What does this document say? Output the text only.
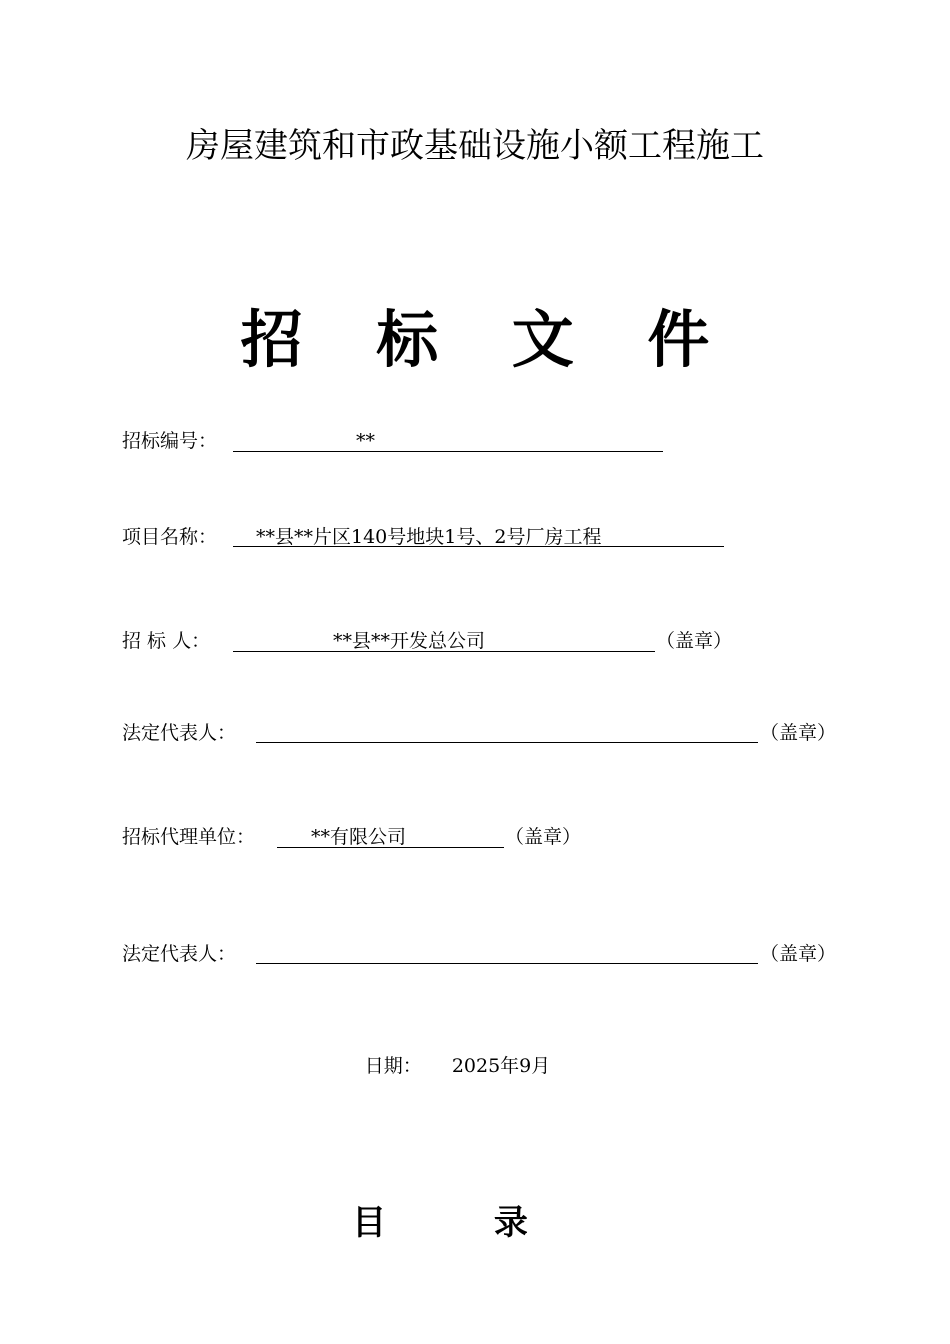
房屋建筑和市政基础设施小额工程施工
招 标 文 件
招标编号：	**
项目名称： **县**片区140号地块1号、2号厂房工程
招 标 人：	**县**开发总公司	（盖章）
法定代表人：	（盖章）
招标代理单位：	**有限公司	（盖章）
法定代表人：	（盖章）
日期： 2025年9月
目 录
